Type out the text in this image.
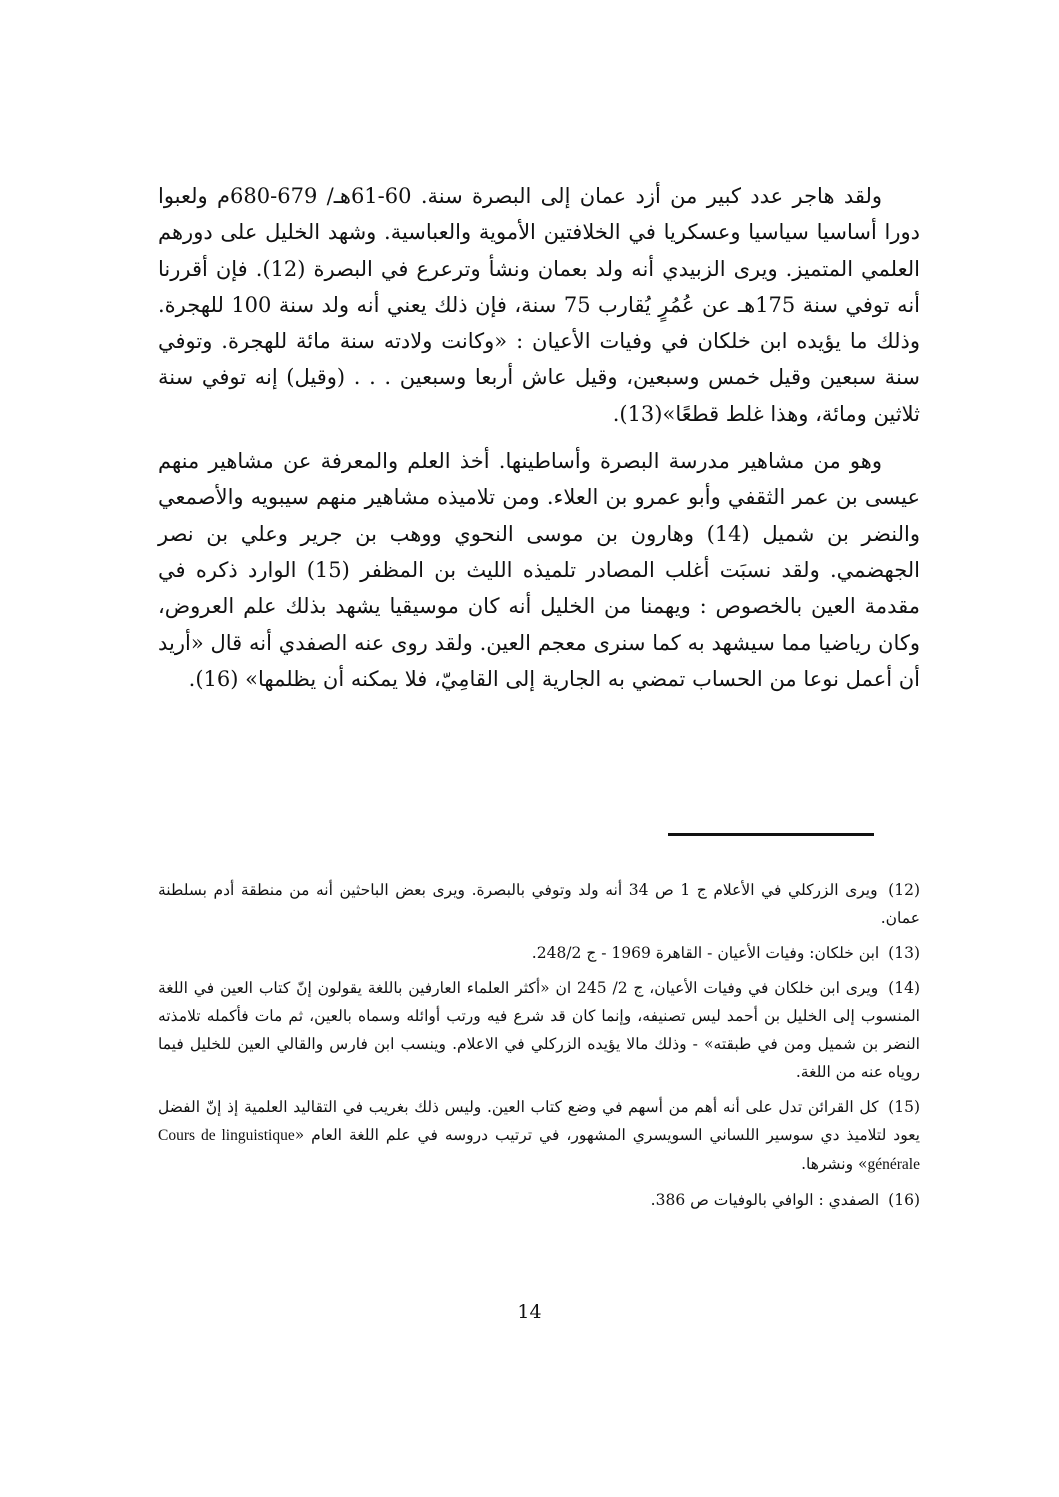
ولقد هاجر عدد كبير من أزد عمان إلى البصرة سنة. 60-61هـ/ 679-680م ولعبوا دورا أساسيا سياسيا وعسكريا في الخلافتين الأموية والعباسية. وشهد الخليل على دورهم العلمي المتميز. ويرى الزبيدي أنه ولد بعمان ونشأ وترعرع في البصرة (12). فإن أقررنا أنه توفي سنة 175هـ عن عُمُرٍ يُقارب 75 سنة، فإن ذلك يعني أنه ولد سنة 100 للهجرة. وذلك ما يؤيده ابن خلكان في وفيات الأعيان : «وكانت ولادته سنة مائة للهجرة. وتوفي سنة سبعين وقيل خمس وسبعين، وقيل عاش أربعا وسبعين . . . (وقيل) إنه توفي سنة ثلاثين ومائة، وهذا غلط قطعًا»(13).

وهو من مشاهير مدرسة البصرة وأساطينها. أخذ العلم والمعرفة عن مشاهير منهم عيسى بن عمر الثقفي وأبو عمرو بن العلاء. ومن تلاميذه مشاهير منهم سيبويه والأصمعي والنضر بن شميل (14) وهارون بن موسى النحوي ووهب بن جرير وعلي بن نصر الجهضمي. ولقد نسبَت أغلب المصادر تلميذه الليث بن المظفر (15) الوارد ذكره في مقدمة العين بالخصوص : ويهمنا من الخليل أنه كان موسيقيا يشهد بذلك علم العروض، وكان رياضيا مما سيشهد به كما سنرى معجم العين. ولقد روى عنه الصفدي أنه قال «أريد أن أعمل نوعا من الحساب تمضي به الجارية إلى القامِيّ، فلا يمكنه أن يظلمها» (16).

(12) ويرى الزركلي في الأعلام ج 1 ص 34 أنه ولد وتوفي بالبصرة. ويرى بعض الباحثين أنه من منطقة أدم بسلطنة عمان.
(13) ابن خلكان: وفيات الأعيان - القاهرة 1969 - ج 248/2.
(14) ويرى ابن خلكان في وفيات الأعيان، ج 2/ 245 ان «أكثر العلماء العارفين باللغة يقولون إنّ كتاب العين في اللغة المنسوب إلى الخليل بن أحمد ليس تصنيفه، وإنما كان قد شرع فيه ورتب أوائله وسماه بالعين، ثم مات فأكمله تلامذته النضر بن شميل ومن في طبقته» - وذلك مالا يؤيده الزركلي في الاعلام. وينسب ابن فارس والقالي العين للخليل فيما روياه عنه من اللغة.
(15) كل القرائن تدل على أنه أهم من أسهم في وضع كتاب العين. وليس ذلك بغريب في التقاليد العلمية إذ إنّ الفضل يعود لتلاميذ دي سوسير اللساني السويسري المشهور، في ترتيب دروسه في علم اللغة العام «Cours de linguistique générale» ونشرها.
(16) الصفدي : الوافي بالوفيات ص 386.
14
